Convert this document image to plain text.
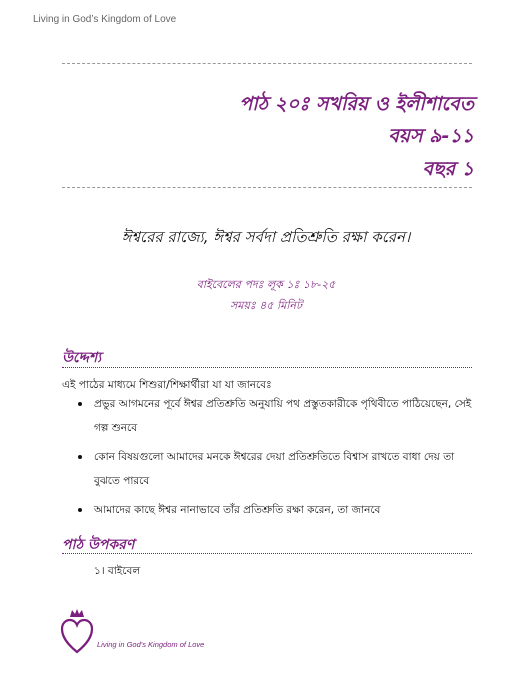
Living in God’s Kingdom of Love
পাঠ ২০ঃ সখরিয় ও ইলীশাবেত
বয়স ৯-১১
বছর ১
ঈশ্বরের রাজ্যে, ঈশ্বর সর্বদা প্রতিশ্রুতি রক্ষা করেন।
বাইবেলের পদঃ লূক ১ঃ ১৮-২৫
সময়ঃ ৪৫ মিনিট
উদ্দেশ্য
এই পাঠের মাধ্যমে শিশুরা/শিক্ষার্থীরা যা যা জানবেঃ
প্রভুর আগমনের পূর্বে ঈশ্বর প্রতিশ্রুতি অনুযায়ি পথ প্রস্তুতকারীকে পৃথিবীতে পাঠিয়েছেন, সেই গল্প শুনবে
কোন বিষয়গুলো আমাদের মনকে ঈশ্বরের দেয়া প্রতিশ্রুতিতে বিশ্বাস রাখতে বাধা দেয় তা বুঝতে পারবে
আমাদের কাছে ঈশ্বর নানাভাবে তাঁর প্রতিশ্রুতি রক্ষা করেন, তা জানবে
পাঠ উপকরণ
১। বাইবেল
Living in God's Kingdom of Love
